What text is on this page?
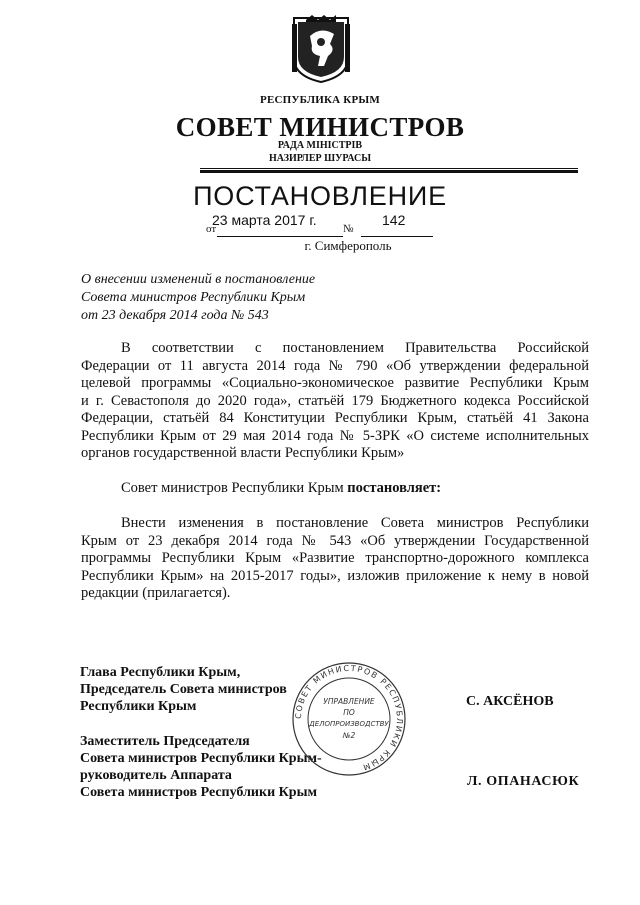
РЕСПУБЛИКА КРЫМ
СОВЕТ МИНИСТРОВ
РАДА МІНІСТРІВ
НАЗИРЛЕР ШУРАСЫ
ПОСТАНОВЛЕНИЕ
23 марта 2017 г.	142
от	№
г. Симферополь
О внесении изменений в постановление
Совета министров Республики Крым
от 23 декабря 2014 года № 543
В соответствии с постановлением Правительства Российской
Федерации от 11 августа 2014 года № 790 «Об утверждении федеральной
целевой программы «Социально-экономическое развитие Республики Крым
и г. Севастополя до 2020 года», статьёй 179 Бюджетного кодекса Российской
Федерации, статьёй 84 Конституции Республики Крым, статьёй 41 Закона
Республики Крым от 29 мая 2014 года № 5-ЗРК «О системе исполнительных
органов государственной власти Республики Крым»
Совет министров Республики Крым постановляет:
Внести изменения в постановление Совета министров Республики
Крым от 23 декабря 2014 года № 543 «Об утверждении Государственной
программы Республики Крым «Развитие транспортно-дорожного комплекса
Республики Крым» на 2015-2017 годы», изложив приложение к нему в новой
редакции (прилагается).
Глава Республики Крым,
Председатель Совета министров
Республики Крым	С. АКСЁНОВ
Заместитель Председателя
Совета министров Республики Крым-
руководитель Аппарата
Совета министров Республики Крым
Л. ОПАНАСЮК
СОВЕТ МИНИСТРОВ РЕСПУБЛИКИ КРЫМ
УПРАВЛЕНИЕ
ПО
ДЕЛОПРОИЗВОДСТВУ
№2
